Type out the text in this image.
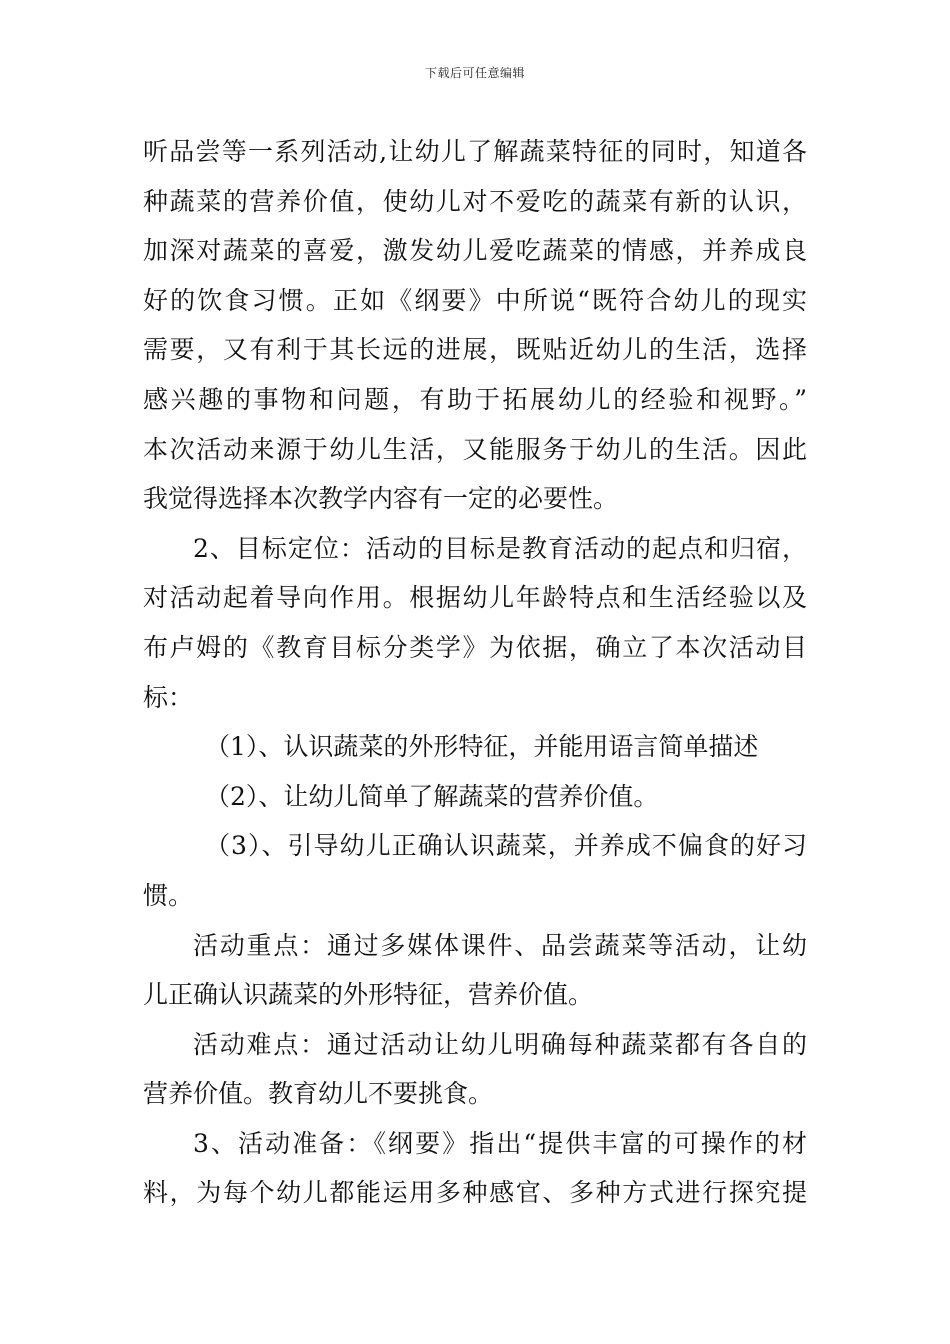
下载后可任意编辑
听品尝等一系列活动,让幼儿了解蔬菜特征的同时，知道各
种蔬菜的营养价值，使幼儿对不爱吃的蔬菜有新的认识，
加深对蔬菜的喜爱，激发幼儿爱吃蔬菜的情感，并养成良
好的饮食习惯。正如《纲要》中所说“既符合幼儿的现实
需要，又有利于其长远的进展，既贴近幼儿的生活，选择
感兴趣的事物和问题，有助于拓展幼儿的经验和视野。”
本次活动来源于幼儿生活，又能服务于幼儿的生活。因此
我觉得选择本次教学内容有一定的必要性。
2、目标定位：活动的目标是教育活动的起点和归宿，
对活动起着导向作用。根据幼儿年龄特点和生活经验以及
布卢姆的《教育目标分类学》为依据，确立了本次活动目
标：
（1）、认识蔬菜的外形特征，并能用语言简单描述
（2）、让幼儿简单了解蔬菜的营养价值。
（3）、引导幼儿正确认识蔬菜，并养成不偏食的好习
惯。
活动重点：通过多媒体课件、品尝蔬菜等活动，让幼
儿正确认识蔬菜的外形特征，营养价值。
活动难点：通过活动让幼儿明确每种蔬菜都有各自的
营养价值。教育幼儿不要挑食。
3、活动准备：《纲要》指出“提供丰富的可操作的材
料，为每个幼儿都能运用多种感官、多种方式进行探究提
